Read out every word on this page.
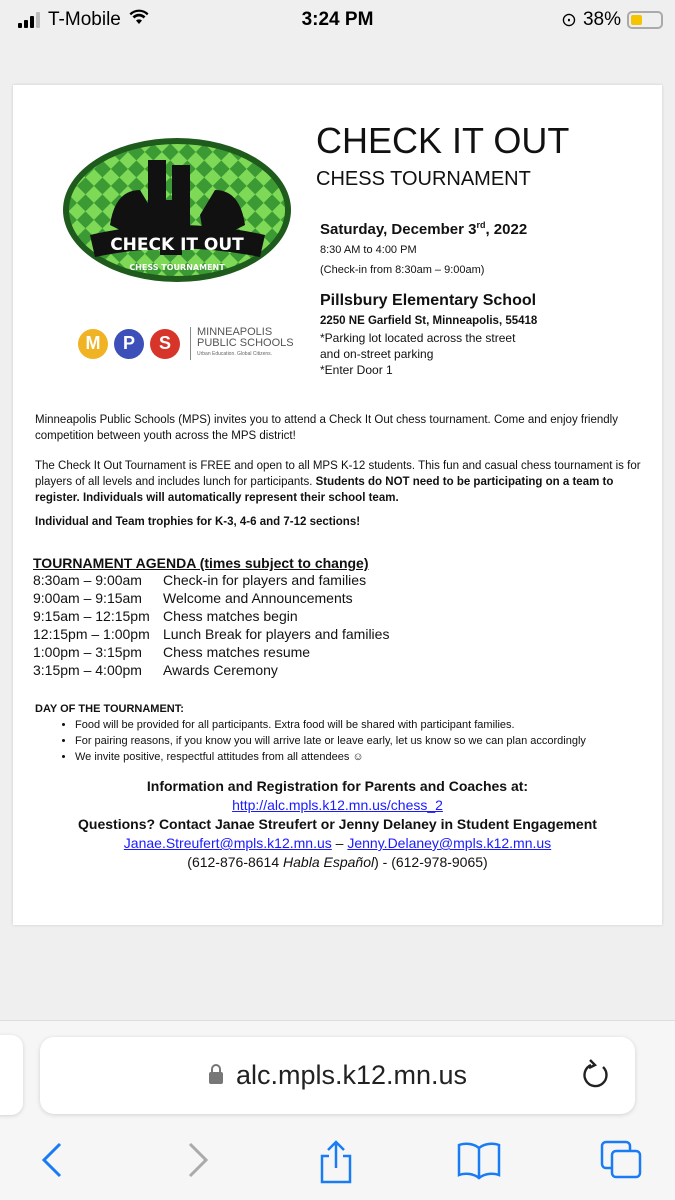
T-Mobile	3:24 PM	⊙ 38%
CHECK IT OUT
CHESS TOURNAMENT
M	P	S
MINNEAPOLIS
PUBLIC SCHOOLS
Urban Education. Global Citizens.
CHECK IT OUT
CHESS TOURNAMENT
Saturday, December 3rd, 2022
8:30 AM to 4:00 PM
(Check-in from 8:30am – 9:00am)
Pillsbury Elementary School
2250 NE Garfield St, Minneapolis, 55418
*Parking lot located across the street
and on-street parking
*Enter Door 1
Minneapolis Public Schools (MPS) invites you to attend a Check It Out chess tournament. Come and enjoy friendly competition between youth across the MPS district!
The Check It Out Tournament is FREE and open to all MPS K-12 students. This fun and casual chess tournament is for players of all levels and includes lunch for participants. Students do NOT need to be participating on a team to register. Individuals will automatically represent their school team.
Individual and Team trophies for K-3, 4-6 and 7-12 sections!
TOURNAMENT AGENDA (times subject to change)
8:30am – 9:00am	Check-in for players and families
9:00am – 9:15am	Welcome and Announcements
9:15am – 12:15pm Chess matches begin
12:15pm – 1:00pm Lunch Break for players and families
1:00pm – 3:15pm	Chess matches resume
3:15pm – 4:00pm	Awards Ceremony
DAY OF THE TOURNAMENT:
• Food will be provided for all participants. Extra food will be shared with participant families.
• For pairing reasons, if you know you will arrive late or leave early, let us know so we can plan accordingly
• We invite positive, respectful attitudes from all attendees ☺
Information and Registration for Parents and Coaches at:
http://alc.mpls.k12.mn.us/chess_2
Questions? Contact Janae Streufert or Jenny Delaney in Student Engagement
Janae.Streufert@mpls.k12.mn.us – Jenny.Delaney@mpls.k12.mn.us
(612-876-8614 Habla Español) - (612-978-9065)
alc.mpls.k12.mn.us
